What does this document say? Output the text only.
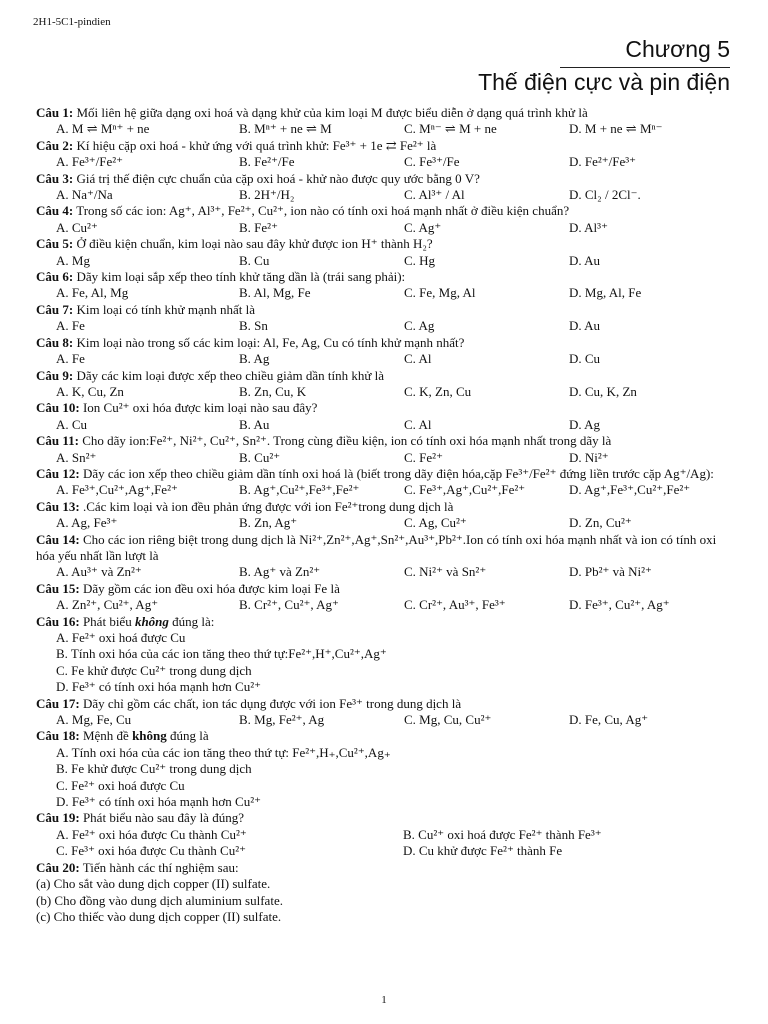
2H1-5C1-pindien
Chương 5
Thế điện cực và pin điện

Câu 1: Mối liên hệ giữa dạng oxi hoá và dạng khử của kim loại M được biểu diễn ở dạng quá trình khử là

A. M ⇌ Mⁿ⁺ + ne	B. Mⁿ⁺ + ne ⇌ M	C. Mⁿ⁻ ⇌ M + ne	D. M + ne ⇌ Mⁿ⁻

Câu 2: Kí hiệu cặp oxi hoá - khử ứng với quá trình khử: Fe³⁺ + 1e ⇄ Fe²⁺ là

A. Fe³⁺/Fe²⁺	B. Fe²⁺/Fe	C. Fe³⁺/Fe	D. Fe²⁺/Fe³⁺

Câu 3: Giá trị thế điện cực chuẩn của cặp oxi hoá - khử nào được quy ước bằng 0 V?

A. Na⁺/Na	B. 2H⁺/H₂	C. Al³⁺ / Al	D. Cl₂ / 2Cl⁻.

Câu 4: Trong số các ion: Ag⁺, Al³⁺, Fe²⁺, Cu²⁺, ion nào có tính oxi hoá mạnh nhất ở điều kiện chuẩn?

A. Cu²⁺	B. Fe²⁺	C. Ag⁺	D. Al³⁺

Câu 5: Ở điều kiện chuẩn, kim loại nào sau đây khử được ion H⁺ thành H₂?

A. Mg	B. Cu	C. Hg	D. Au

Câu 6: Dãy kim loại sắp xếp theo tính khử tăng dần là (trái sang phải):

A. Fe, Al, Mg	B. Al, Mg, Fe	C. Fe, Mg, Al	D. Mg, Al, Fe

Câu 7: Kim loại có tính khử mạnh nhất là

A. Fe	B. Sn	C. Ag	D. Au

Câu 8: Kim loại nào trong số các kim loại: Al, Fe, Ag, Cu có tính khử mạnh nhất?

A. Fe	B. Ag	C. Al	D. Cu

Câu 9: Dãy các kim loại được xếp theo chiều giảm dần tính khử là

A. K, Cu, Zn	B. Zn, Cu, K	C. K, Zn, Cu	D. Cu, K, Zn

Câu 10: Ion Cu²⁺ oxi hóa được kim loại nào sau đây?

A. Cu	B. Au	C. Al	D. Ag

Câu 11: Cho dãy ion:Fe²⁺, Ni²⁺, Cu²⁺, Sn²⁺. Trong cùng điều kiện, ion có tính oxi hóa mạnh nhất trong dãy là

A. Sn²⁺	B. Cu²⁺	C. Fe²⁺	D. Ni²⁺

Câu 12: Dãy các ion xếp theo chiều giảm dần tính oxi hoá là (biết trong dãy điện hóa,cặp Fe³⁺/Fe²⁺ đứng liền trước cặp Ag⁺/Ag):

A. Fe³⁺,Cu²⁺,Ag⁺,Fe²⁺	B. Ag⁺,Cu²⁺,Fe³⁺,Fe²⁺	C. Fe³⁺,Ag⁺,Cu²⁺,Fe²⁺	D. Ag⁺,Fe³⁺,Cu²⁺,Fe²⁺

Câu 13: .Các kim loại và ion đều phản ứng được với ion Fe²⁺trong dung dịch là

A. Ag, Fe³⁺	B. Zn, Ag⁺	C. Ag, Cu²⁺	D. Zn, Cu²⁺

Câu 14: Cho các ion riêng biệt trong dung dịch là Ni²⁺,Zn²⁺,Ag⁺,Sn²⁺,Au³⁺,Pb²⁺.Ion có tính oxi hóa mạnh nhất và ion có tính oxi hóa yếu nhất lần lượt là

A. Au³⁺ và Zn²⁺	B. Ag⁺ và Zn²⁺	C. Ni²⁺ và Sn²⁺	D. Pb²⁺ và Ni²⁺

Câu 15: Dãy gồm các ion đều oxi hóa được kim loại Fe là

A. Zn²⁺, Cu²⁺, Ag⁺	B. Cr²⁺, Cu²⁺, Ag⁺	C. Cr²⁺, Au³⁺, Fe³⁺	D. Fe³⁺, Cu²⁺, Ag⁺

Câu 16: Phát biểu không đúng là:

A. Fe²⁺ oxi hoá được Cu

B. Tính oxi hóa của các ion tăng theo thứ tự:Fe²⁺,H⁺,Cu²⁺,Ag⁺

C. Fe khử được Cu²⁺ trong dung dịch

D. Fe³⁺ có tính oxi hóa mạnh hơn Cu²⁺

Câu 17: Dãy chỉ gồm các chất, ion tác dụng được với ion Fe³⁺ trong dung dịch là

A. Mg, Fe, Cu	B. Mg, Fe²⁺, Ag	C. Mg, Cu, Cu²⁺	D. Fe, Cu, Ag⁺

Câu 18: Mệnh đề không đúng là

A. Tính oxi hóa của các ion tăng theo thứ tự: Fe²⁺,H₊,Cu²⁺,Ag₊

B. Fe khử được Cu²⁺ trong dung dịch

C. Fe²⁺ oxi hoá được Cu

D. Fe³⁺ có tính oxi hóa mạnh hơn Cu²⁺

Câu 19: Phát biểu nào sau đây là đúng?

A. Fe²⁺ oxi hóa được Cu thành Cu²⁺	B. Cu²⁺ oxi hoá được Fe²⁺ thành Fe³⁺
C. Fe³⁺ oxi hóa được Cu thành Cu²⁺	D. Cu khử được Fe²⁺ thành Fe

Câu 20: Tiến hành các thí nghiệm sau:

(a) Cho sắt vào dung dịch copper (II) sulfate.

(b) Cho đồng vào dung dịch aluminium sulfate.

(c) Cho thiếc vào dung dịch copper (II) sulfate.

1
